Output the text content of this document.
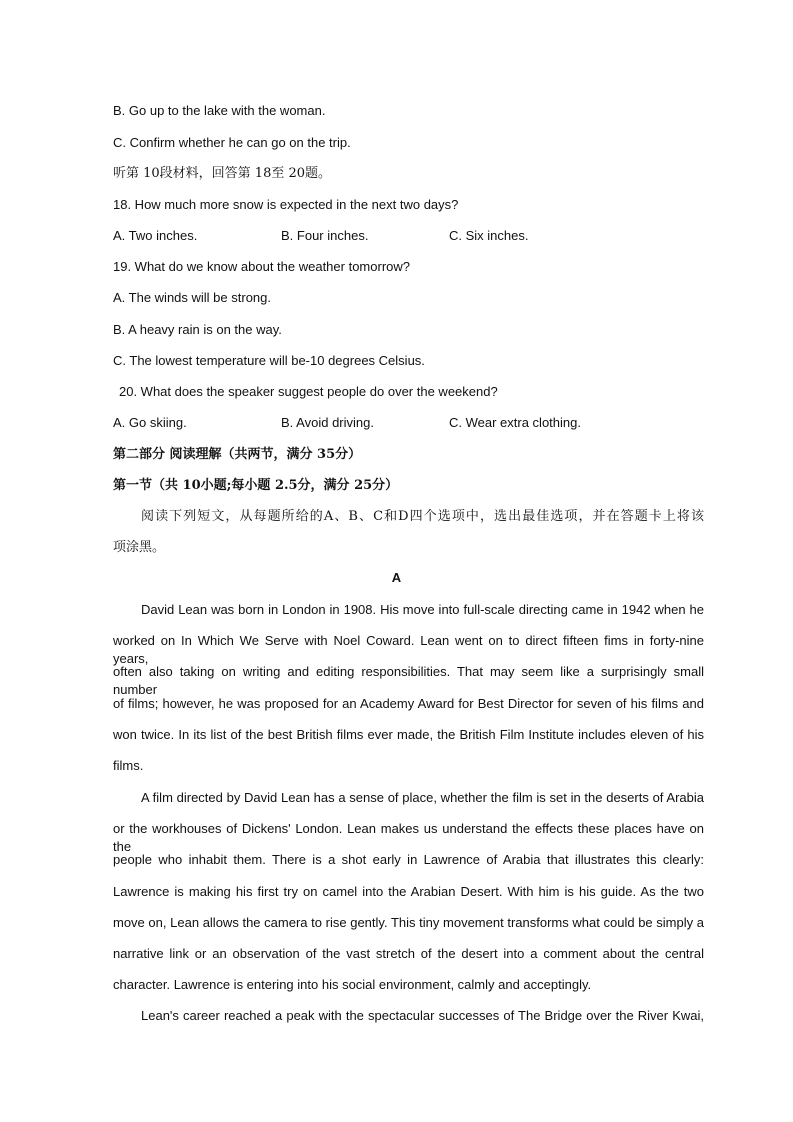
B. Go up to the lake with the woman.
C. Confirm whether he can go on the trip.
听第 10段材料，回答第 18至 20题。
18. How much more snow is expected in the next two days?
A. Two inches.	B. Four inches.	C. Six inches.
19. What do we know about the weather tomorrow?
A. The winds will be strong.
B. A heavy rain is on the way.
C. The lowest temperature will be-10 degrees Celsius.
20. What does the speaker suggest people do over the weekend?
A. Go skiing.	B. Avoid driving.	C. Wear extra clothing.
第二部分 阅读理解（共两节，满分 35分）
第一节（共 10小题;每小题 2.5分，满分 25分）
阅读下列短文，从每题所给的A、B、C和D四个选项中，选出最佳选项，并在答题卡上将该
项涂黑。
A
David Lean was born in London in 1908. His move into full-scale directing came in 1942 when he
worked on In Which We Serve with Noel Coward. Lean went on to direct fifteen fims in forty-nine years,
often also taking on writing and editing responsibilities. That may seem like a surprisingly small number
of films; however, he was proposed for an Academy Award for Best Director for seven of his films and
won twice. In its list of the best British films ever made, the British Film Institute includes eleven of his
films.
A film directed by David Lean has a sense of place, whether the film is set in the deserts of Arabia
or the workhouses of Dickens' London. Lean makes us understand the effects these places have on the
people who inhabit them. There is a shot early in Lawrence of Arabia that illustrates this clearly:
Lawrence is making his first try on camel into the Arabian Desert. With him is his guide. As the two
move on, Lean allows the camera to rise gently. This tiny movement transforms what could be simply a
narrative link or an observation of the vast stretch of the desert into a comment about the central
character. Lawrence is entering into his social environment, calmly and acceptingly.
Lean's career reached a peak with the spectacular successes of The Bridge over the River Kwai,
